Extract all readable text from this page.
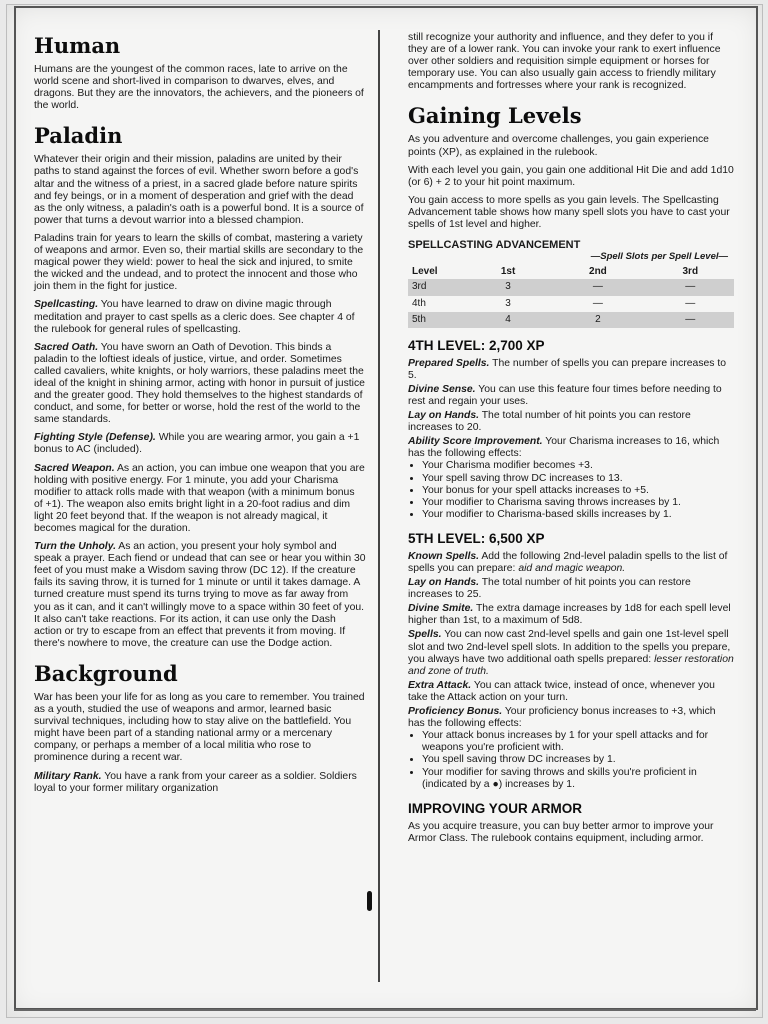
Human

Humans are the youngest of the common races, late to arrive on the world scene and short-lived in comparison to dwarves, elves, and dragons. But they are the innovators, the achievers, and the pioneers of the world.

Paladin

Whatever their origin and their mission, paladins are united by their paths to stand against the forces of evil. Whether sworn before a god's altar and the witness of a priest, in a sacred glade before nature spirits and fey beings, or in a moment of desperation and grief with the dead as the only witness, a paladin's oath is a powerful bond. It is a source of power that turns a devout warrior into a blessed champion.

Paladins train for years to learn the skills of combat, mastering a variety of weapons and armor. Even so, their martial skills are secondary to the magical power they wield: power to heal the sick and injured, to smite the wicked and the undead, and to protect the innocent and those who join them in the fight for justice.

Spellcasting. You have learned to draw on divine magic through meditation and prayer to cast spells as a cleric does. See chapter 4 of the rulebook for general rules of spellcasting.

Sacred Oath. You have sworn an Oath of Devotion. This binds a paladin to the loftiest ideals of justice, virtue, and order. Sometimes called cavaliers, white knights, or holy warriors, these paladins meet the ideal of the knight in shining armor, acting with honor in pursuit of justice and the greater good. They hold themselves to the highest standards of conduct, and some, for better or worse, hold the rest of the world to the same standards.

Fighting Style (Defense). While you are wearing armor, you gain a +1 bonus to AC (included).

Sacred Weapon. As an action, you can imbue one weapon that you are holding with positive energy. For 1 minute, you add your Charisma modifier to attack rolls made with that weapon (with a minimum bonus of +1). The weapon also emits bright light in a 20-foot radius and dim light 20 feet beyond that. If the weapon is not already magical, it becomes magical for the duration.

Turn the Unholy. As an action, you present your holy symbol and speak a prayer. Each fiend or undead that can see or hear you within 30 feet of you must make a Wisdom saving throw (DC 12). If the creature fails its saving throw, it is turned for 1 minute or until it takes damage. A turned creature must spend its turns trying to move as far away from you as it can, and it can't willingly move to a space within 30 feet of you. It also can't take reactions. For its action, it can use only the Dash action or try to escape from an effect that prevents it from moving. If there's nowhere to move, the creature can use the Dodge action.

Background

War has been your life for as long as you care to remember. You trained as a youth, studied the use of weapons and armor, learned basic survival techniques, including how to stay alive on the battlefield. You might have been part of a standing national army or a mercenary company, or perhaps a member of a local militia who rose to prominence during a recent war.

Military Rank. You have a rank from your career as a soldier. Soldiers loyal to your former military organization

still recognize your authority and influence, and they defer to you if they are of a lower rank. You can invoke your rank to exert influence over other soldiers and requisition simple equipment or horses for temporary use. You can also usually gain access to friendly military encampments and fortresses where your rank is recognized.

Gaining Levels

As you adventure and overcome challenges, you gain experience points (XP), as explained in the rulebook.

With each level you gain, you gain one additional Hit Die and add 1d10 (or 6) + 2 to your hit point maximum.

You gain access to more spells as you gain levels. The Spellcasting Advancement table shows how many spell slots you have to cast your spells of 1st level and higher.

SPELLCASTING ADVANCEMENT
	—Spell Slots per Spell Level—		
Level	1st	2nd	3rd
3rd	3	—	—
4th	3	—	—
5th	4	2	—
4TH LEVEL: 2,700 XP

Prepared Spells. The number of spells you can prepare increases to 5.

Divine Sense. You can use this feature four times before needing to rest and regain your uses.

Lay on Hands. The total number of hit points you can restore increases to 20.

Ability Score Improvement. Your Charisma increases to 16, which has the following effects:

• Your Charisma modifier becomes +3.
• Your spell saving throw DC increases to 13.
• Your bonus for your spell attacks increases to +5.
• Your modifier to Charisma saving throws increases by 1.
• Your modifier to Charisma-based skills increases by 1.
5TH LEVEL: 6,500 XP

Known Spells. Add the following 2nd-level paladin spells to the list of spells you can prepare: aid and magic weapon.

Lay on Hands. The total number of hit points you can restore increases to 25.

Divine Smite. The extra damage increases by 1d8 for each spell level higher than 1st, to a maximum of 5d8.

Spells. You can now cast 2nd-level spells and gain one 1st-level spell slot and two 2nd-level spell slots. In addition to the spells you prepare, you always have two additional oath spells prepared: lesser restoration and zone of truth.

Extra Attack. You can attack twice, instead of once, whenever you take the Attack action on your turn.

Proficiency Bonus. Your proficiency bonus increases to +3, which has the following effects:

• Your attack bonus increases by 1 for your spell attacks and for weapons you're proficient with.
• You spell saving throw DC increases by 1.
• Your modifier for saving throws and skills you're proficient in (indicated by a ●) increases by 1.
IMPROVING YOUR ARMOR

As you acquire treasure, you can buy better armor to improve your Armor Class. The rulebook contains equipment, including armor.
